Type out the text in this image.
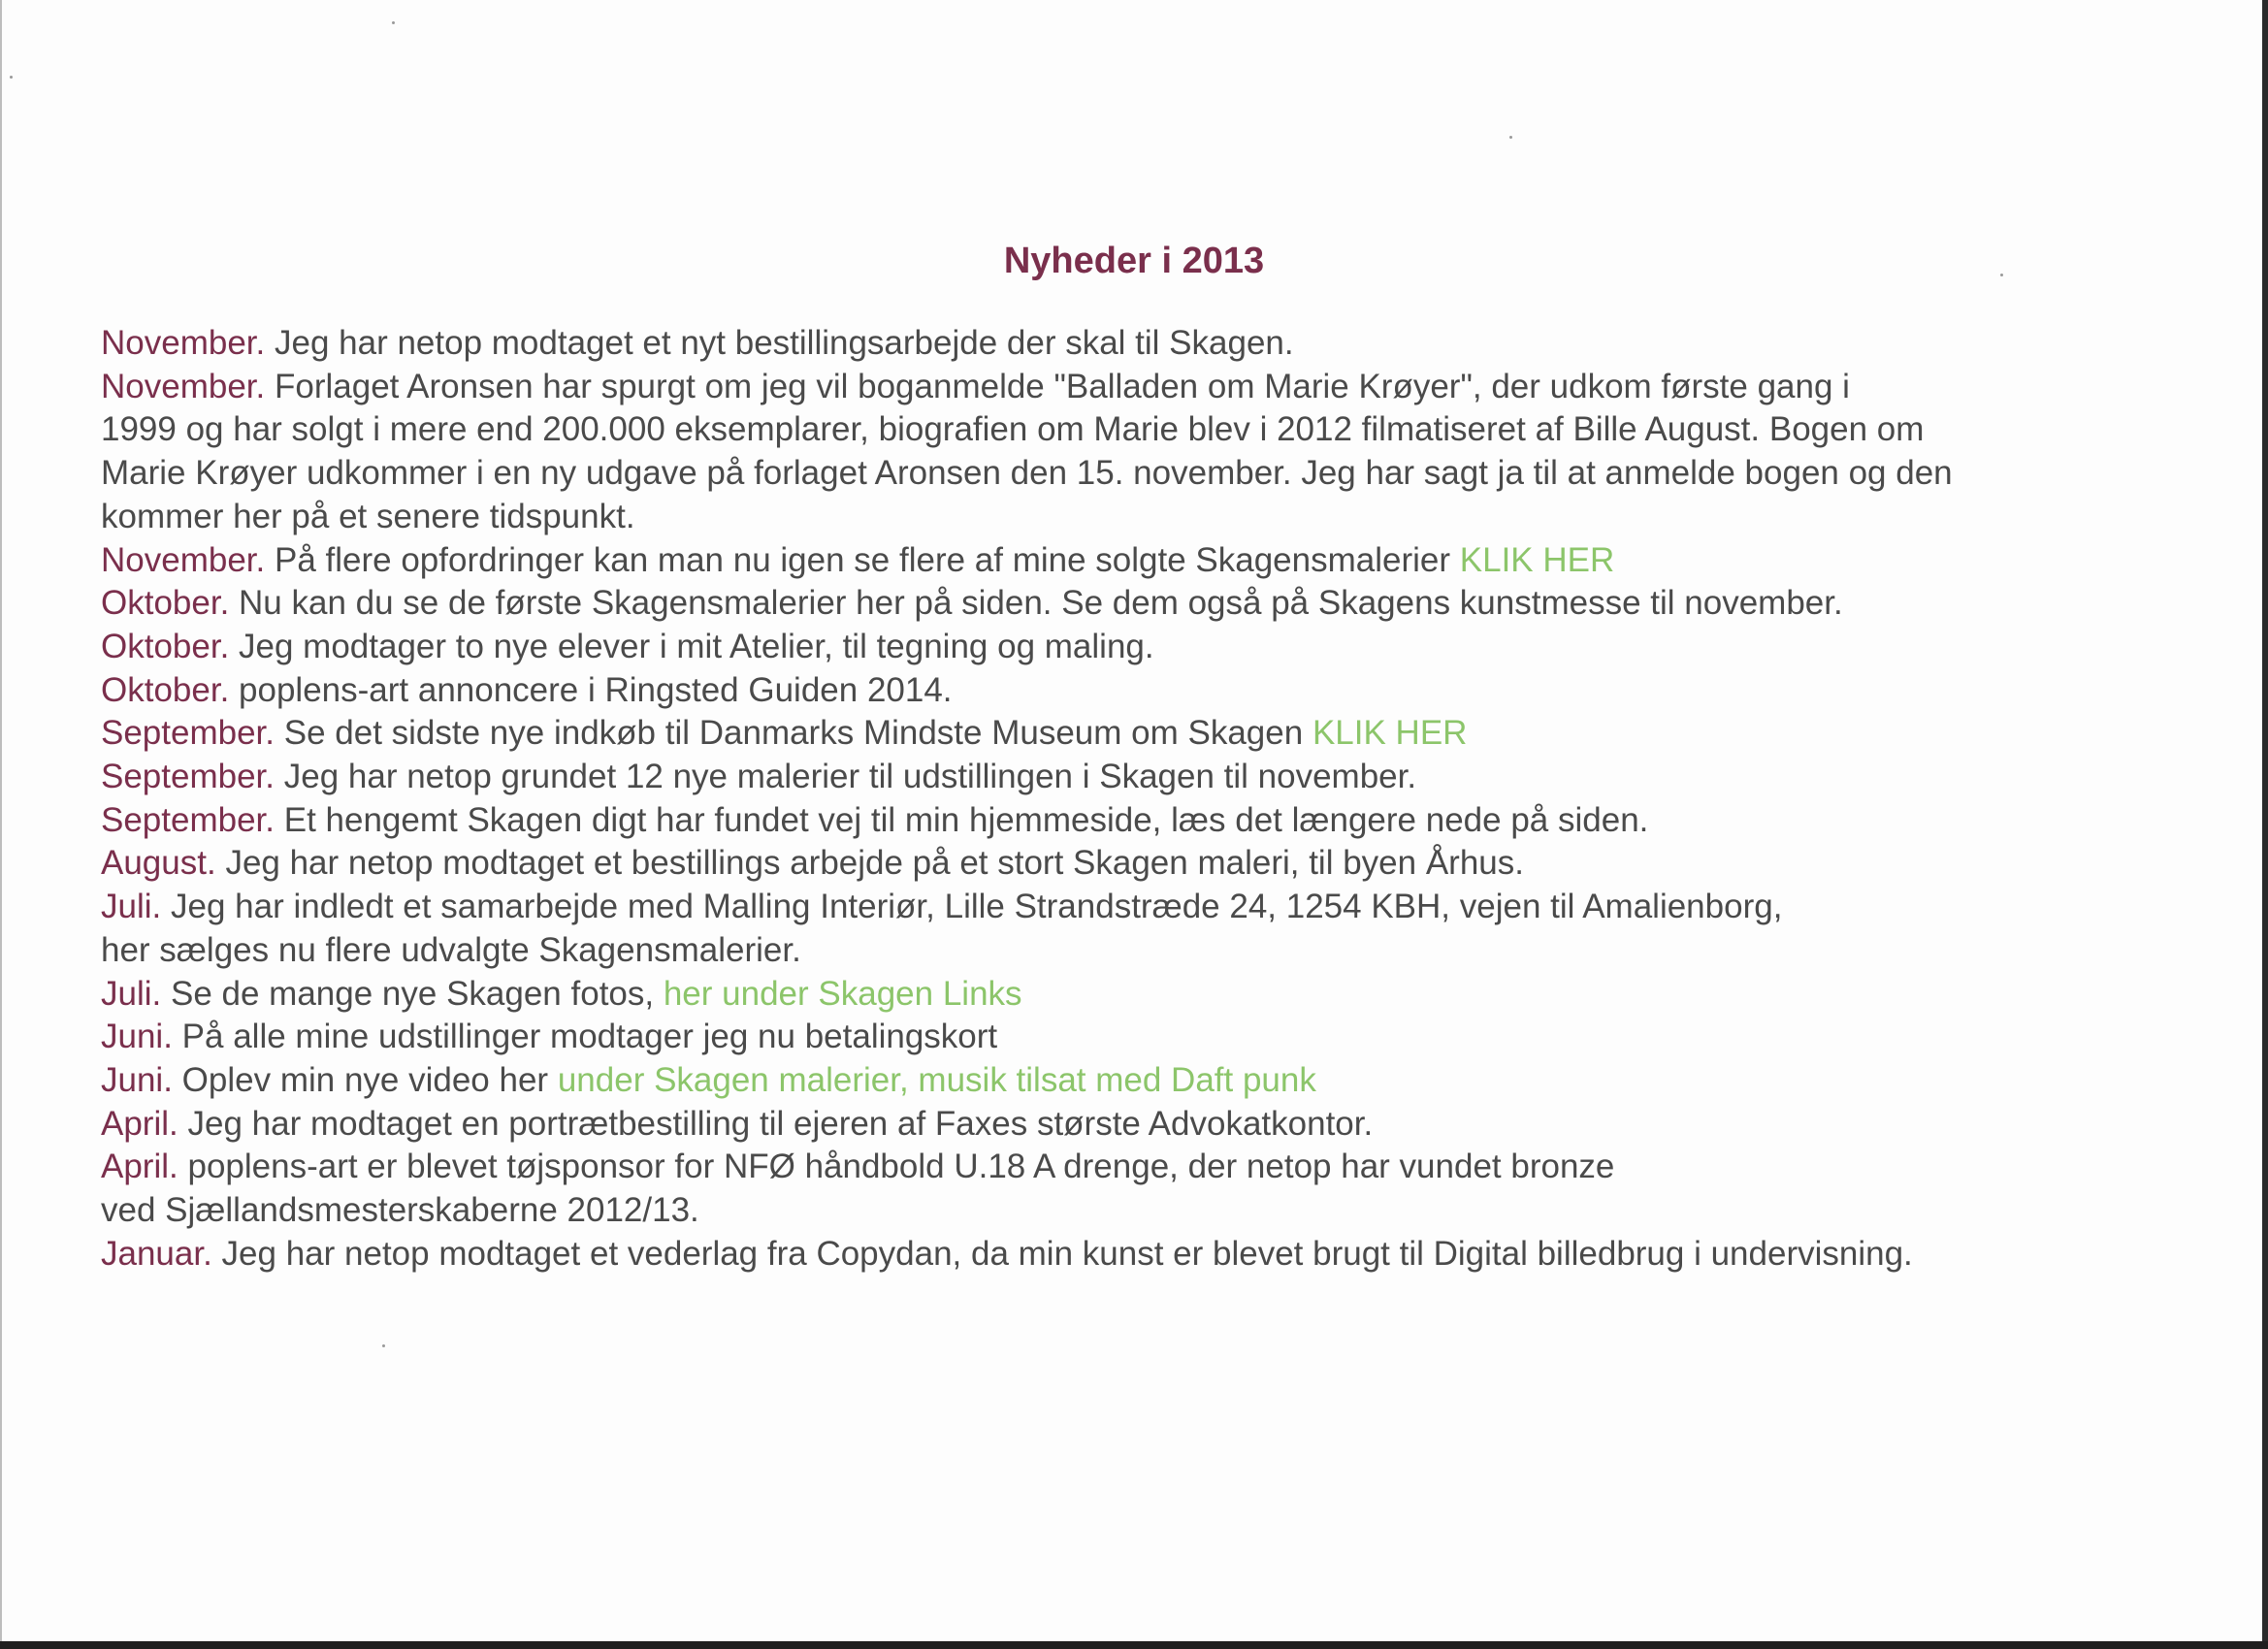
Nyheder i 2013
November. Jeg har netop modtaget et nyt bestillingsarbejde der skal til Skagen.
November. Forlaget Aronsen har spurgt om jeg vil boganmelde "Balladen om Marie Krøyer", der udkom første gang i
1999 og har solgt i mere end 200.000 eksemplarer, biografien om Marie blev i 2012 filmatiseret af Bille August. Bogen om
Marie Krøyer udkommer i en ny udgave på forlaget Aronsen den 15. november. Jeg har sagt ja til at anmelde bogen og den
kommer her på et senere tidspunkt.
November. På flere opfordringer kan man nu igen se flere af mine solgte Skagensmalerier KLIK HER
Oktober. Nu kan du se de første Skagensmalerier her på siden. Se dem også på Skagens kunstmesse til november.
Oktober. Jeg modtager to nye elever i mit Atelier, til tegning og maling.
Oktober. poplens-art annoncere i Ringsted Guiden 2014.
September. Se det sidste nye indkøb til Danmarks Mindste Museum om Skagen KLIK HER
September. Jeg har netop grundet 12 nye malerier til udstillingen i Skagen til november.
September. Et hengemt Skagen digt har fundet vej til min hjemmeside, læs det længere nede på siden.
August. Jeg har netop modtaget et bestillings arbejde på et stort Skagen maleri, til byen Århus.
Juli. Jeg har indledt et samarbejde med Malling Interiør, Lille Strandstræde 24, 1254 KBH, vejen til Amalienborg,
her sælges nu flere udvalgte Skagensmalerier.
Juli. Se de mange nye Skagen fotos, her under Skagen Links
Juni. På alle mine udstillinger modtager jeg nu betalingskort
Juni. Oplev min nye video her under Skagen malerier, musik tilsat med Daft punk
April. Jeg har modtaget en portrætbestilling til ejeren af Faxes største Advokatkontor.
April. poplens-art er blevet tøjsponsor for NFØ håndbold U.18 A drenge, der netop har vundet bronze
ved Sjællandsmesterskaberne 2012/13.
Januar. Jeg har netop modtaget et vederlag fra Copydan, da min kunst er blevet brugt til Digital billedbrug i undervisning.
